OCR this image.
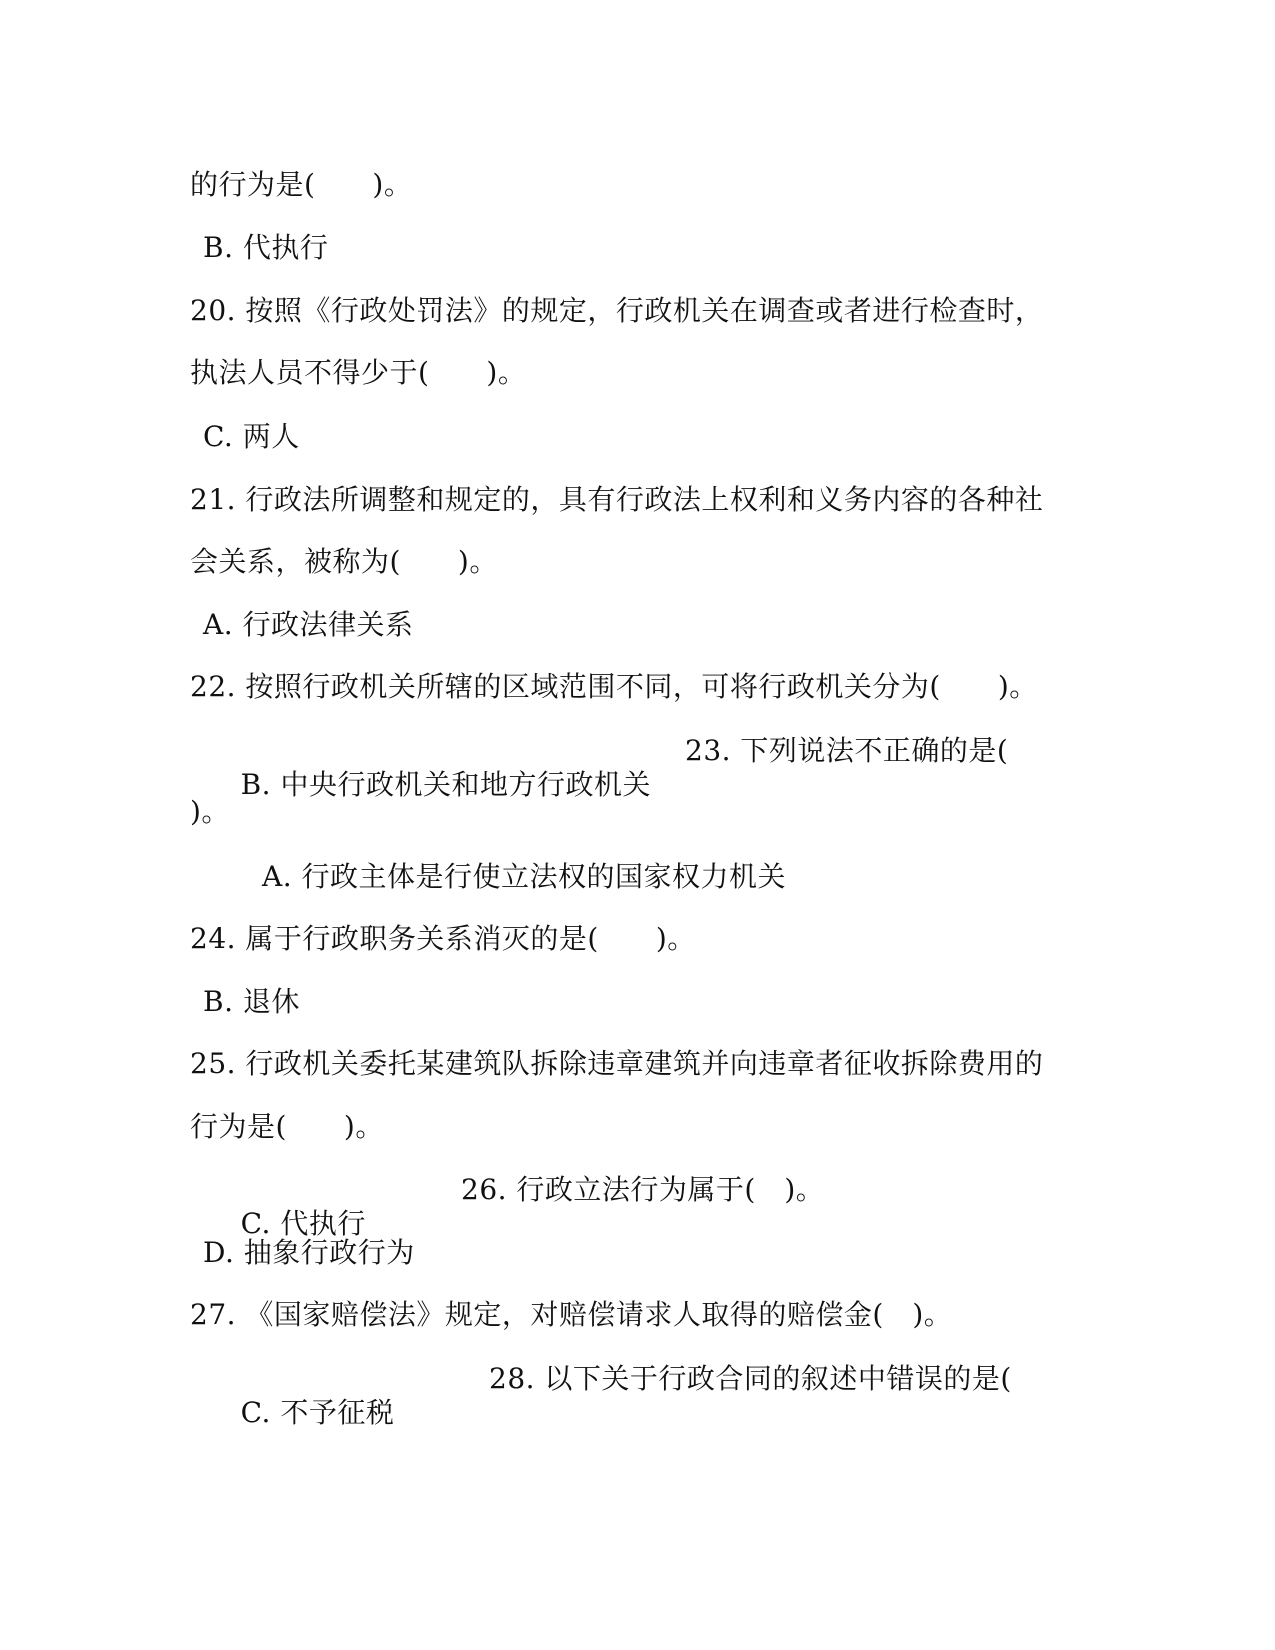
的行为是(　　)。
B. 代执行
20. 按照《行政处罚法》的规定，行政机关在调查或者进行检查时，
执法人员不得少于(　　)。
C. 两人
21. 行政法所调整和规定的，具有行政法上权利和义务内容的各种社
会关系，被称为(　　)。
A. 行政法律关系
22. 按照行政机关所辖的区域范围不同，可将行政机关分为(　　)。

B. 中央行政机关和地方行政机关

23. 下列说法不正确的是(

)。
A. 行政主体是行使立法权的国家权力机关
24. 属于行政职务关系消灭的是(　　)。
B. 退休
25. 行政机关委托某建筑队拆除违章建筑并向违章者征收拆除费用的
行为是(　　)。

C. 代执行

26. 行政立法行为属于(　)。

D. 抽象行政行为
27. 《国家赔偿法》规定，对赔偿请求人取得的赔偿金(　)。

C. 不予征税

28. 以下关于行政合同的叙述中错误的是(
